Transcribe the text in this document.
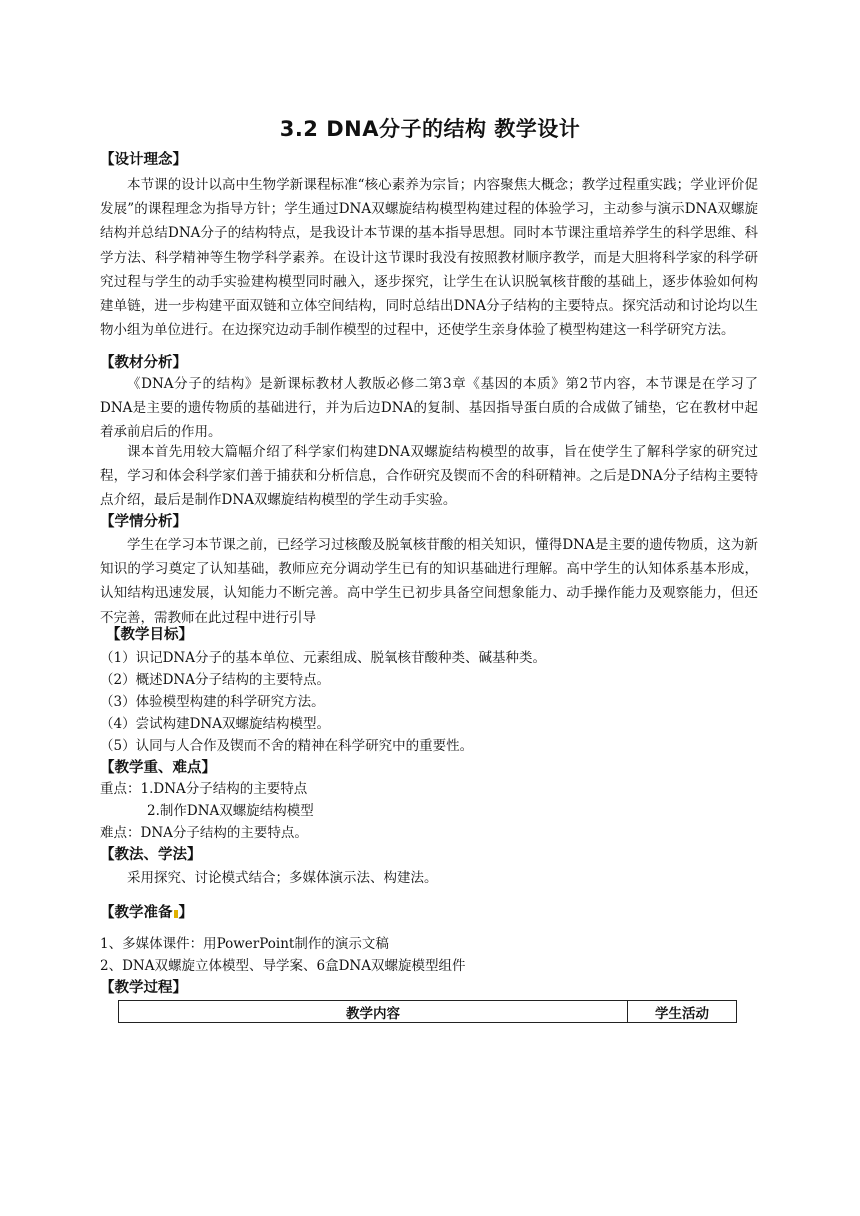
3.2 DNA分子的结构 教学设计
【设计理念】

本节课的设计以高中生物学新课程标准“核心素养为宗旨；内容聚焦大概念；教学过程重实践；学业评价促发展”的课程理念为指导方针；学生通过DNA双螺旋结构模型构建过程的体验学习，主动参与演示DNA双螺旋结构并总结DNA分子的结构特点，是我设计本节课的基本指导思想。同时本节课注重培养学生的科学思维、科学方法、科学精神等生物学科学素养。在设计这节课时我没有按照教材顺序教学，而是大胆将科学家的科学研究过程与学生的动手实验建构模型同时融入，逐步探究，让学生在认识脱氧核苷酸的基础上，逐步体验如何构建单链，进一步构建平面双链和立体空间结构，同时总结出DNA分子结构的主要特点。探究活动和讨论均以生物小组为单位进行。在边探究边动手制作模型的过程中，还使学生亲身体验了模型构建这一科学研究方法。

【教材分析】

《DNA分子的结构》是新课标教材人教版必修二第3章《基因的本质》第2节内容，本节课是在学习了DNA是主要的遗传物质的基础进行，并为后边DNA的复制、基因指导蛋白质的合成做了铺垫，它在教材中起着承前启后的作用。

课本首先用较大篇幅介绍了科学家们构建DNA双螺旋结构模型的故事，旨在使学生了解科学家的研究过程，学习和体会科学家们善于捕获和分析信息，合作研究及锲而不舍的科研精神。之后是DNA分子结构主要特点介绍，最后是制作DNA双螺旋结构模型的学生动手实验。

【学情分析】

学生在学习本节课之前，已经学习过核酸及脱氧核苷酸的相关知识，懂得DNA是主要的遗传物质，这为新知识的学习奠定了认知基础，教师应充分调动学生已有的知识基础进行理解。高中学生的认知体系基本形成，认知结构迅速发展，认知能力不断完善。高中学生已初步具备空间想象能力、动手操作能力及观察能力，但还不完善，需教师在此过程中进行引导

【教学目标】
（1）识记DNA分子的基本单位、元素组成、脱氧核苷酸种类、碱基种类。
（2）概述DNA分子结构的主要特点。
（3）体验模型构建的科学研究方法。
（4）尝试构建DNA双螺旋结构模型。
（5）认同与人合作及锲而不舍的精神在科学研究中的重要性。
【教学重、难点】
重点：1.DNA分子结构的主要特点
2.制作DNA双螺旋结构模型
难点：DNA分子结构的主要特点。
【教法、学法】
采用探究、讨论模式结合；多媒体演示法、构建法。
【教学准备 】
1、多媒体课件：用PowerPoint制作的演示文稿
2、DNA双螺旋立体模型、导学案、6盒DNA双螺旋模型组件
【教学过程】
教学内容	学生活动
